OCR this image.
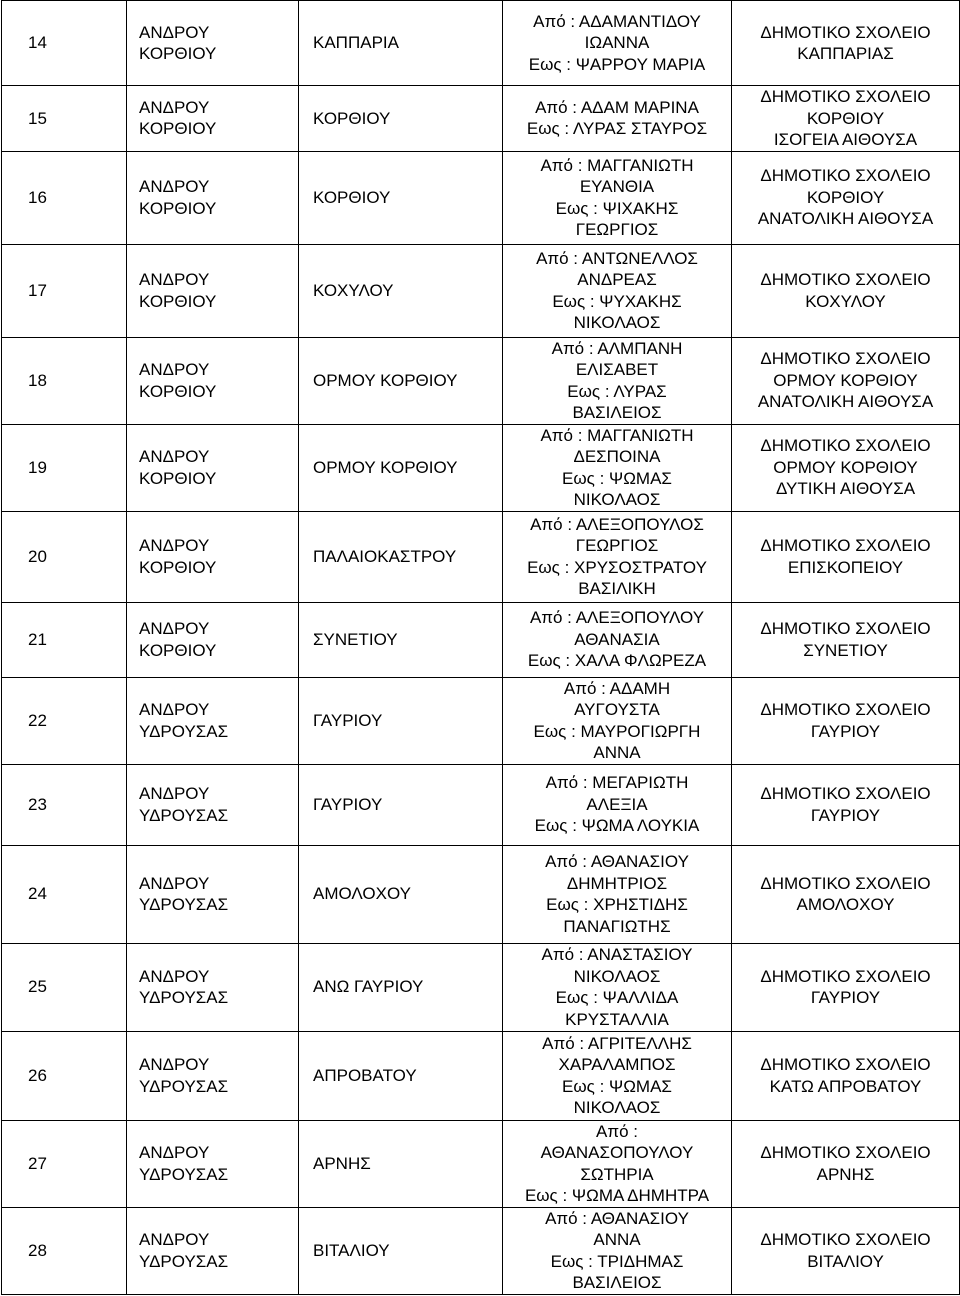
14	ΑΝΔΡΟΥ
ΚΟΡΘΙΟΥ	ΚΑΠΠΑΡΙΑ	Από : ΑΔΑΜΑΝΤΙΔΟΥ
ΙΩΑΝΝΑ
Εως : ΨΑΡΡΟΥ ΜΑΡΙΑ	ΔΗΜΟΤΙΚΟ ΣΧΟΛΕΙΟ
ΚΑΠΠΑΡΙΑΣ

15	ΑΝΔΡΟΥ
ΚΟΡΘΙΟΥ	ΚΟΡΘΙΟΥ	Από : ΑΔΑΜ ΜΑΡΙΝΑ
Εως : ΛΥΡΑΣ ΣΤΑΥΡΟΣ	ΔΗΜΟΤΙΚΟ ΣΧΟΛΕΙΟ
ΚΟΡΘΙΟΥ
ΙΣΟΓΕΙΑ ΑΙΘΟΥΣΑ

16	ΑΝΔΡΟΥ
ΚΟΡΘΙΟΥ	ΚΟΡΘΙΟΥ	Από : ΜΑΓΓΑΝΙΩΤΗ
ΕΥΑΝΘΙΑ
Εως : ΨΙΧΑΚΗΣ
ΓΕΩΡΓΙΟΣ	ΔΗΜΟΤΙΚΟ ΣΧΟΛΕΙΟ
ΚΟΡΘΙΟΥ
ΑΝΑΤΟΛΙΚΗ ΑΙΘΟΥΣΑ

17	ΑΝΔΡΟΥ
ΚΟΡΘΙΟΥ	ΚΟΧΥΛΟΥ	Από : ΑΝΤΩΝΕΛΛΟΣ
ΑΝΔΡΕΑΣ
Εως : ΨΥΧΑΚΗΣ
ΝΙΚΟΛΑΟΣ	ΔΗΜΟΤΙΚΟ ΣΧΟΛΕΙΟ
ΚΟΧΥΛΟΥ

18	ΑΝΔΡΟΥ
ΚΟΡΘΙΟΥ	ΟΡΜΟΥ ΚΟΡΘΙΟΥ	Από : ΑΛΜΠΑΝΗ
ΕΛΙΣΑΒΕΤ
Εως : ΛΥΡΑΣ
ΒΑΣΙΛΕΙΟΣ	ΔΗΜΟΤΙΚΟ ΣΧΟΛΕΙΟ
ΟΡΜΟΥ ΚΟΡΘΙΟΥ
ΑΝΑΤΟΛΙΚΗ ΑΙΘΟΥΣΑ

19	ΑΝΔΡΟΥ
ΚΟΡΘΙΟΥ	ΟΡΜΟΥ ΚΟΡΘΙΟΥ	Από : ΜΑΓΓΑΝΙΩΤΗ
ΔΕΣΠΟΙΝΑ
Εως : ΨΩΜΑΣ
ΝΙΚΟΛΑΟΣ	ΔΗΜΟΤΙΚΟ ΣΧΟΛΕΙΟ
ΟΡΜΟΥ ΚΟΡΘΙΟΥ
ΔΥΤΙΚΗ ΑΙΘΟΥΣΑ

20	ΑΝΔΡΟΥ
ΚΟΡΘΙΟΥ	ΠΑΛΑΙΟΚΑΣΤΡΟΥ	Από : ΑΛΕΞΟΠΟΥΛΟΣ
ΓΕΩΡΓΙΟΣ
Εως : ΧΡΥΣΟΣΤΡΑΤΟΥ
ΒΑΣΙΛΙΚΗ	ΔΗΜΟΤΙΚΟ ΣΧΟΛΕΙΟ
ΕΠΙΣΚΟΠΕΙΟΥ

21	ΑΝΔΡΟΥ
ΚΟΡΘΙΟΥ	ΣΥΝΕΤΙΟΥ	Από : ΑΛΕΞΟΠΟΥΛΟΥ
ΑΘΑΝΑΣΙΑ
Εως : ΧΑΛΑ ΦΛΩΡΕΖΑ	ΔΗΜΟΤΙΚΟ ΣΧΟΛΕΙΟ
ΣΥΝΕΤΙΟΥ

22	ΑΝΔΡΟΥ
ΥΔΡΟΥΣΑΣ	ΓΑΥΡΙΟΥ	Από : ΑΔΑΜΗ
ΑΥΓΟΥΣΤΑ
Εως : ΜΑΥΡΟΓΙΩΡΓΗ
ΑΝΝΑ	ΔΗΜΟΤΙΚΟ ΣΧΟΛΕΙΟ
ΓΑΥΡΙΟΥ

23	ΑΝΔΡΟΥ
ΥΔΡΟΥΣΑΣ	ΓΑΥΡΙΟΥ	Από : ΜΕΓΑΡΙΩΤΗ
ΑΛΕΞΙΑ
Εως : ΨΩΜΑ ΛΟΥΚΙΑ	ΔΗΜΟΤΙΚΟ ΣΧΟΛΕΙΟ
ΓΑΥΡΙΟΥ

24	ΑΝΔΡΟΥ
ΥΔΡΟΥΣΑΣ	ΑΜΟΛΟΧΟΥ	Από : ΑΘΑΝΑΣΙΟΥ
ΔΗΜΗΤΡΙΟΣ
Εως : ΧΡΗΣΤΙΔΗΣ
ΠΑΝΑΓΙΩΤΗΣ	ΔΗΜΟΤΙΚΟ ΣΧΟΛΕΙΟ
ΑΜΟΛΟΧΟΥ

25	ΑΝΔΡΟΥ
ΥΔΡΟΥΣΑΣ	ΑΝΩ ΓΑΥΡΙΟΥ	Από : ΑΝΑΣΤΑΣΙΟΥ
ΝΙΚΟΛΑΟΣ
Εως : ΨΑΛΛΙΔΑ
ΚΡΥΣΤΑΛΛΙΑ	ΔΗΜΟΤΙΚΟ ΣΧΟΛΕΙΟ
ΓΑΥΡΙΟΥ

26	ΑΝΔΡΟΥ
ΥΔΡΟΥΣΑΣ	ΑΠΡΟΒΑΤΟΥ	Από : ΑΓΡΙΤΕΛΛΗΣ
ΧΑΡΑΛΑΜΠΟΣ
Εως : ΨΩΜΑΣ
ΝΙΚΟΛΑΟΣ	ΔΗΜΟΤΙΚΟ ΣΧΟΛΕΙΟ
ΚΑΤΩ ΑΠΡΟΒΑΤΟΥ

27	ΑΝΔΡΟΥ
ΥΔΡΟΥΣΑΣ	ΑΡΝΗΣ	Από :
ΑΘΑΝΑΣΟΠΟΥΛΟΥ
ΣΩΤΗΡΙΑ
Εως : ΨΩΜΑ ΔΗΜΗΤΡΑ	ΔΗΜΟΤΙΚΟ ΣΧΟΛΕΙΟ
ΑΡΝΗΣ

28	ΑΝΔΡΟΥ
ΥΔΡΟΥΣΑΣ	ΒΙΤΑΛΙΟΥ	Από : ΑΘΑΝΑΣΙΟΥ
ΑΝΝΑ
Εως : ΤΡΙΔΗΜΑΣ
ΒΑΣΙΛΕΙΟΣ	ΔΗΜΟΤΙΚΟ ΣΧΟΛΕΙΟ
ΒΙΤΑΛΙΟΥ
